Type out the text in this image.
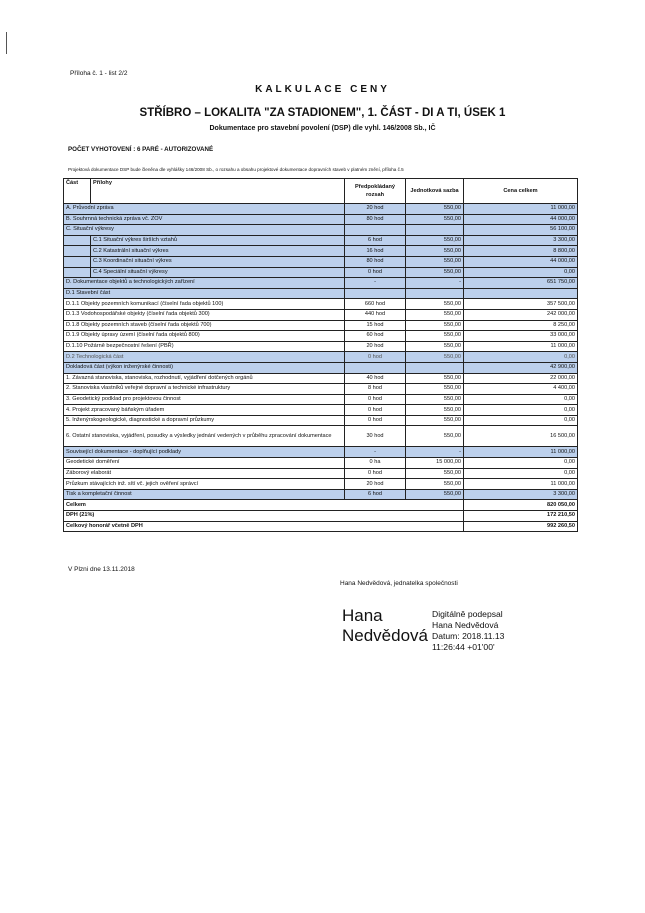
Příloha č. 1 - list 2/2
KALKULACE CENY
STŘÍBRO – LOKALITA "ZA STADIONEM", 1. ČÁST - DI A TI, ÚSEK 1
Dokumentace pro stavební povolení (DSP) dle vyhl. 146/2008 Sb., IČ
POČET VYHOTOVENÍ : 6 PARÉ - AUTORIZOVANÉ
Projektová dokumentace DSP bude členěna dle vyhlášky 146/2008 Sb., o rozsahu a obsahu projektové dokumentace dopravních staveb v platném znění, příloha č.5
Část	Přílohy	Předpokládaný rozsah	Jednotková sazba	Cena celkem
A. Průvodní zpráva		20 hod	550,00	11 000,00
B. Souhrnná technická zpráva vč. ZOV		80 hod	550,00	44 000,00
C. Situační výkresy				56 100,00
	C.1 Situační výkres širších vztahů	6 hod	550,00	3 300,00
	C.2 Katastrální situační výkres	16 hod	550,00	8 800,00
	C.3 Koordinační situační výkres	80 hod	550,00	44 000,00
	C.4 Speciální situační výkresy	0 hod	550,00	0,00
D. Dokumentace objektů a technologických zařízení		-	-	651 750,00
D.1 Stavební část				
D.1.1 Objekty pozemních komunikací (číselní řada objektů 100)		660 hod	550,00	357 500,00
D.1.3 Vodohospodářské objekty (číselní řada objektů 300)		440 hod	550,00	242 000,00
D.1.8 Objekty pozemních staveb (číselní řada objektů 700)		15 hod	550,00	8 250,00
D.1.9 Objekty úpravy území (číselní řada objektů 800)		60 hod	550,00	33 000,00
D.1.10 Požárně bezpečnostní řešení (PBŘ)		20 hod	550,00	11 000,00
D.2 Technologická část		0 hod	550,00	0,00
Dokladová část (výkon inženýrské činnosti)				42 900,00
1. Závazná stanoviska, stanoviska, rozhodnutí, vyjádření dotčených orgánů		40 hod	550,00	22 000,00
2. Stanoviska vlastníků veřejné dopravní a technické infrastruktury		8 hod	550,00	4 400,00
3. Geodetický podklad pro projektovou činnost		0 hod	550,00	0,00
4. Projekt zpracovaný báňským úřadem		0 hod	550,00	0,00
5. Inženýrskogeologické, diagnostické a dopravní průzkumy		0 hod	550,00	0,00
6. Ostatní stanoviska, vyjádření, posudky a výsledky jednání vedených v průběhu zpracování dokumentace		30 hod	550,00	16 500,00
Související dokumentace - doplňující podklady		-	-	11 000,00
Geodetické doměření		0 ha	15 000,00	0,00
Záborový elaborát		0 hod	550,00	0,00
Průzkum stávajících inž. sítí vč. jejich ověření správcí		20 hod	550,00	11 000,00
Tisk a kompletační činnost		6 hod	550,00	3 300,00
Celkem				820 050,00
DPH (21%)				172 210,50
Celkový honorář včetně DPH				992 260,50
V Plzni dne 13.11.2018
Hana Nedvědová, jednatelka společnosti
Hana
Nedvědová
Digitálně podepsal
Hana Nedvědová
Datum: 2018.11.13
11:26:44 +01'00'
